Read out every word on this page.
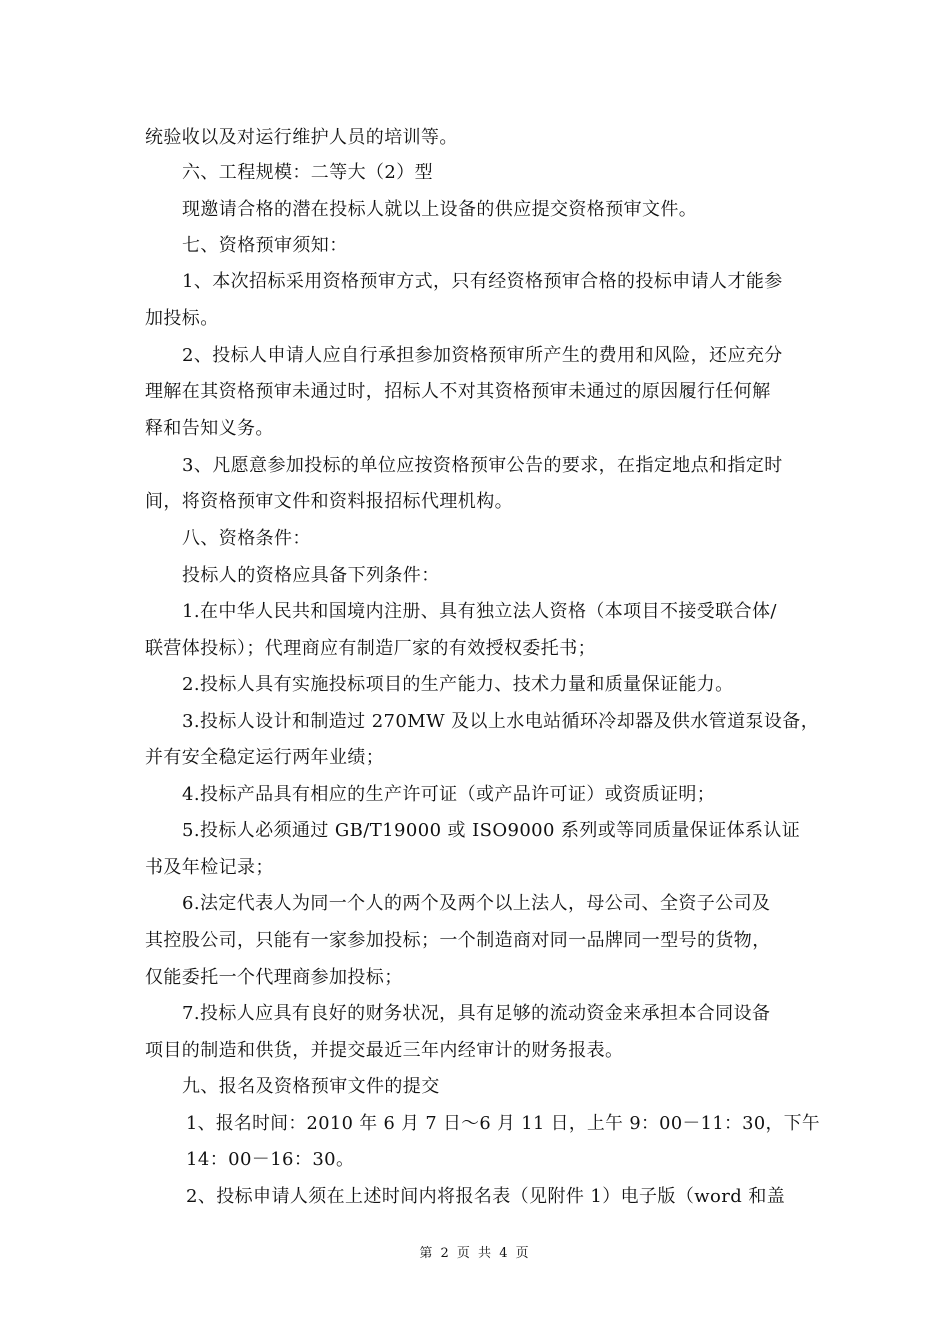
统验收以及对运行维护人员的培训等。
六、工程规模：二等大（2）型
现邀请合格的潜在投标人就以上设备的供应提交资格预审文件。
七、资格预审须知：
1、本次招标采用资格预审方式，只有经资格预审合格的投标申请人才能参
加投标。
2、投标人申请人应自行承担参加资格预审所产生的费用和风险，还应充分
理解在其资格预审未通过时，招标人不对其资格预审未通过的原因履行任何解
释和告知义务。
3、凡愿意参加投标的单位应按资格预审公告的要求，在指定地点和指定时
间，将资格预审文件和资料报招标代理机构。
八、资格条件：
投标人的资格应具备下列条件：
1.在中华人民共和国境内注册、具有独立法人资格（本项目不接受联合体/
联营体投标）；代理商应有制造厂家的有效授权委托书；
2.投标人具有实施投标项目的生产能力、技术力量和质量保证能力。
3.投标人设计和制造过 270MW 及以上水电站循环冷却器及供水管道泵设备，
并有安全稳定运行两年业绩；
4.投标产品具有相应的生产许可证（或产品许可证）或资质证明；
5.投标人必须通过 GB/T19000 或 ISO9000 系列或等同质量保证体系认证
书及年检记录；
6.法定代表人为同一个人的两个及两个以上法人，母公司、全资子公司及
其控股公司，只能有一家参加投标；一个制造商对同一品牌同一型号的货物，
仅能委托一个代理商参加投标；
7.投标人应具有良好的财务状况，具有足够的流动资金来承担本合同设备
项目的制造和供货，并提交最近三年内经审计的财务报表。
九、报名及资格预审文件的提交
1、报名时间：2010 年 6 月 7 日～6 月 11 日，上午 9：00－11：30，下午
14：00－16：30。
2、投标申请人须在上述时间内将报名表（见附件 1）电子版（word 和盖
第 2 页 共 4 页
